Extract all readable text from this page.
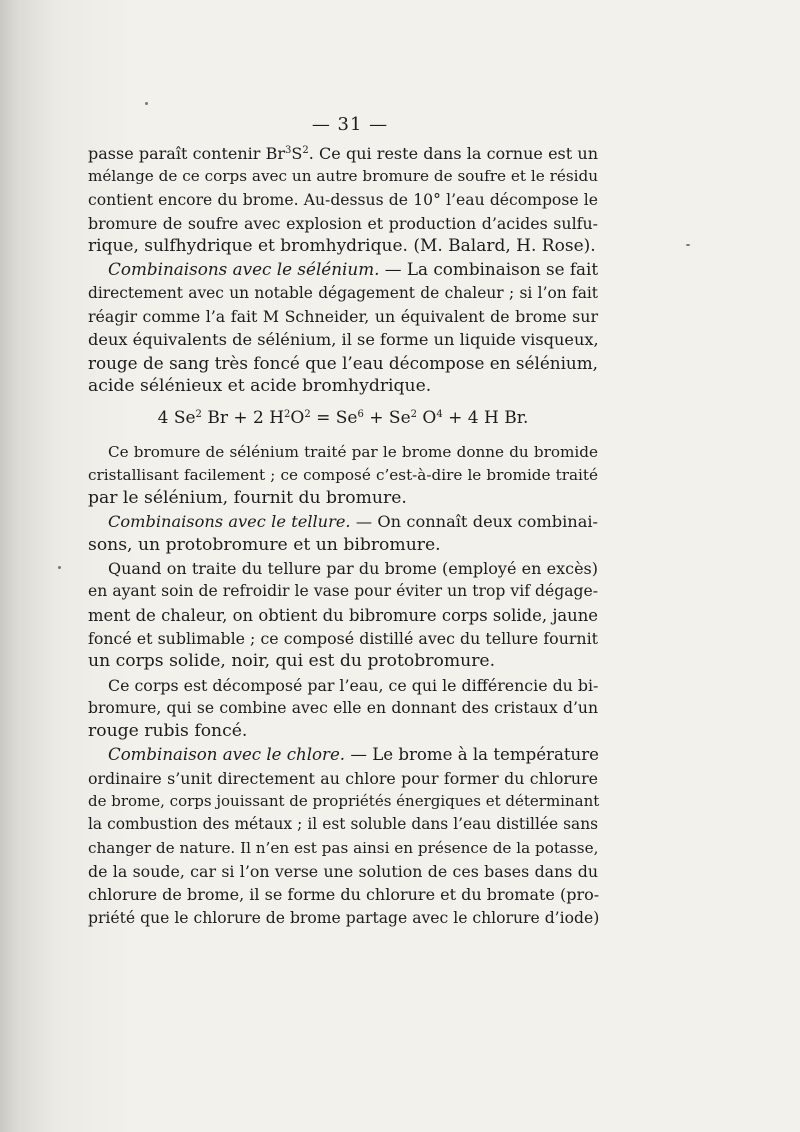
— 31 —
passe paraît contenir $Br^3S^2$. Ce qui reste dans la cornue est un
mélange de ce corps avec un autre bromure de soufre et le résidu
contient encore du brome. Au-dessus de 10° l’eau décompose le
bromure de soufre avec explosion et production d’acides sulfu-
rique, sulfhydrique et bromhydrique. (M. Balard, H. Rose).
Combinaisons avec le sélénium. — La combinaison se fait
directement avec un notable dégagement de chaleur ; si l’on fait
réagir comme l’a fait M Schneider, un équivalent de brome sur
deux équivalents de sélénium, il se forme un liquide visqueux,
rouge de sang très foncé que l’eau décompose en sélénium,
acide sélénieux et acide bromhydrique.
4 Se$^2$ Br + 2 $H^2O^2 = Se^6 + Se^2$ $O^4 + 4$ H Br.
Ce bromure de sélénium traité par le brome donne du bromide
cristallisant facilement ; ce composé c’est-à-dire le bromide traité
par le sélénium, fournit du bromure.
Combinaisons avec le tellure. — On connaît deux combinai-
sons, un protobromure et un bibromure.
Quand on traite du tellure par du brome (employé en excès)
en ayant soin de refroidir le vase pour éviter un trop vif dégage-
ment de chaleur, on obtient du bibromure corps solide, jaune
foncé et sublimable ; ce composé distillé avec du tellure fournit
un corps solide, noir, qui est du protobromure.
Ce corps est décomposé par l’eau, ce qui le différencie du bi-
bromure, qui se combine avec elle en donnant des cristaux d’un
rouge rubis foncé.
Combinaison avec le chlore. — Le brome à la température
ordinaire s’unit directement au chlore pour former du chlorure
de brome, corps jouissant de propriétés énergiques et déterminant
la combustion des métaux ; il est soluble dans l’eau distillée sans
changer de nature. Il n’en est pas ainsi en présence de la potasse,
de la soude, car si l’on verse une solution de ces bases dans du
chlorure de brome, il se forme du chlorure et du bromate (pro-
priété que le chlorure de brome partage avec le chlorure d’iode)
